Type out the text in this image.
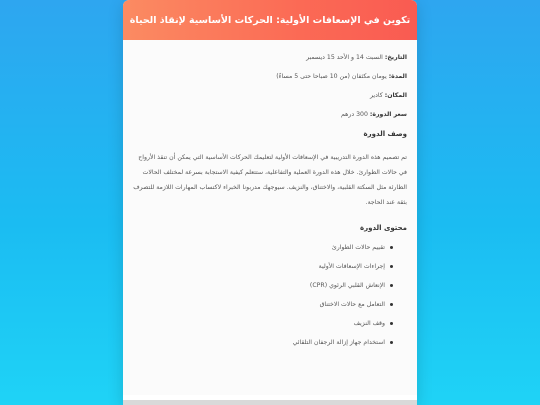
تكوين في الإسعافات الأولية: الحركات الأساسية لإنقاذ الحياة

التاريخ: السبت 14 و الأحد 15 ديسمبر

المدة: يومان مكثفان (من 10 صباحا حتى 5 مساءً)

المكان: كادير

سعر الدورة: 300 درهم

وصف الدورة

تم تصميم هذه الدورة التدريبية في الإسعافات الأولية لتعليمك الحركات الأساسية التي يمكن أن تنقذ الأرواح في حالات الطوارئ. خلال هذه الدورة العملية والتفاعلية، ستتعلم كيفية الاستجابة بسرعة لمختلف الحالات الطارئة مثل السكتة القلبية، والاختناق، والنزيف. سيوجهك مدربونا الخبراء لاكتساب المهارات اللازمة للتصرف بثقة عند الحاجة.

محتوى الدورة
تقييم حالات الطوارئ
إجراءات الإسعافات الأولية
الإنعاش القلبي الرئوي (CPR)
التعامل مع حالات الاختناق
وقف النزيف
استخدام جهاز إزالة الرجفان التلقائي
